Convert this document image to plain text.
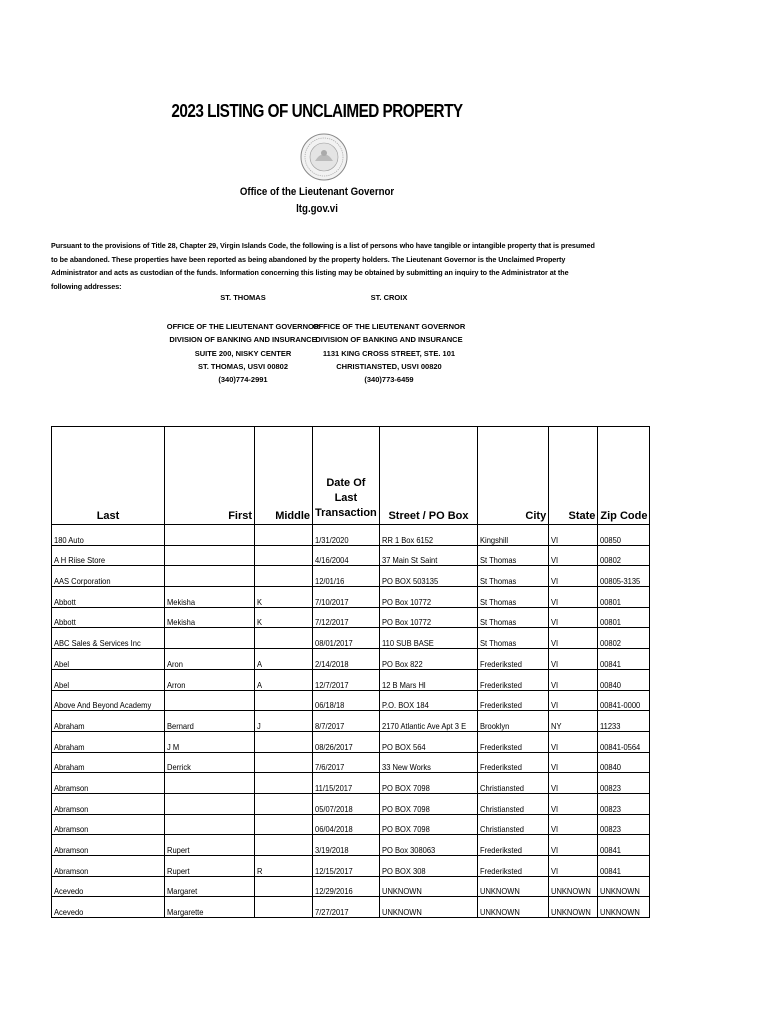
2023 LISTING OF UNCLAIMED PROPERTY
Office of the Lieutenant Governor
ltg.gov.vi
Pursuant to the provisions of Title 28, Chapter 29, Virgin Islands Code, the following is a list of persons who have tangible or intangible property that is presumed to be abandoned. These properties have been reported as being abandoned by the property holders. The Lieutenant Governor is the Unclaimed Property Administrator and acts as custodian of the funds. Information concerning this listing may be obtained by submitting an inquiry to the Administrator at the following addresses:
ST. THOMAS	ST. CROIX
OFFICE OF THE LIEUTENANT GOVERNOR
DIVISION OF BANKING AND INSURANCE
SUITE 200, NISKY CENTER
ST. THOMAS, USVI 00802
(340)774-2991
OFFICE OF THE LIEUTENANT GOVERNOR
DIVISION OF BANKING AND INSURANCE
1131 KING CROSS STREET, STE. 101
CHRISTIANSTED, USVI 00820
(340)773-6459
Last	First	Middle	Date Of Last Transaction	Street / PO Box	City	State	Zip Code
180 Auto			1/31/2020	RR 1 Box 6152	Kingshill	VI	00850
A H Riise Store			4/16/2004	37 Main St Saint	St Thomas	VI	00802
AAS Corporation			12/01/16	PO BOX 503135	St Thomas	VI	00805-3135
Abbott	Mekisha	K	7/10/2017	PO Box 10772	St Thomas	VI	00801
Abbott	Mekisha	K	7/12/2017	PO Box 10772	St Thomas	VI	00801
ABC Sales & Services Inc			08/01/2017	110 SUB BASE	St Thomas	VI	00802
Abel	Aron	A	2/14/2018	PO Box 822	Frederiksted	VI	00841
Abel	Arron	A	12/7/2017	12 B Mars Hl	Frederiksted	VI	00840
Above And Beyond Academy			06/18/18	P.O. BOX 184	Frederiksted	VI	00841-0000
Abraham	Bernard	J	8/7/2017	2170 Atlantic Ave Apt 3 E	Brooklyn	NY	11233
Abraham	J M		08/26/2017	PO BOX 564	Frederiksted	VI	00841-0564
Abraham	Derrick		7/6/2017	33 New Works	Frederiksted	VI	00840
Abramson			11/15/2017	PO BOX 7098	Christiansted	VI	00823
Abramson			05/07/2018	PO BOX 7098	Christiansted	VI	00823
Abramson			06/04/2018	PO BOX 7098	Christiansted	VI	00823
Abramson	Rupert		3/19/2018	PO Box 308063	Frederiksted	VI	00841
Abramson	Rupert	R	12/15/2017	PO BOX 308	Frederiksted	VI	00841
Acevedo	Margaret		12/29/2016	UNKNOWN	UNKNOWN	UNKNOWN	UNKNOWN
Acevedo	Margarette		7/27/2017	UNKNOWN	UNKNOWN	UNKNOWN	UNKNOWN
